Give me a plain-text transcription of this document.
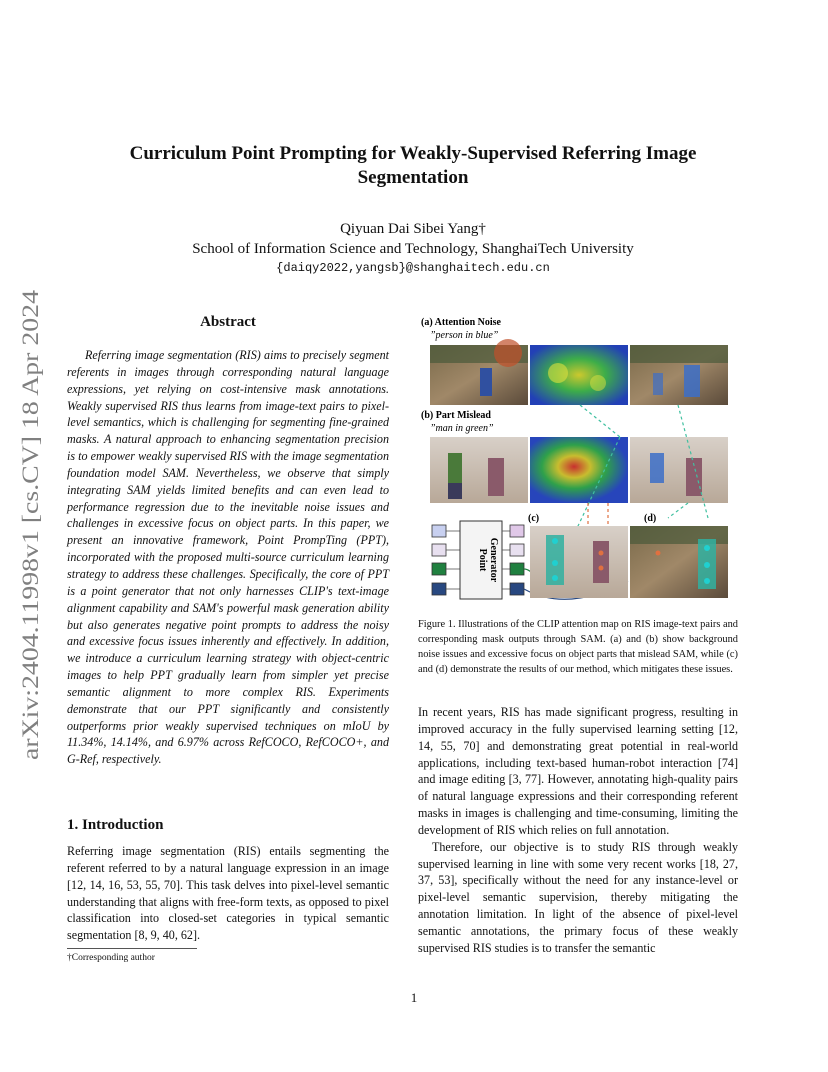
arXiv:2404.11998v1 [cs.CV] 18 Apr 2024
Curriculum Point Prompting for Weakly-Supervised Referring Image
Segmentation
Qiyuan Dai Sibei Yang†
School of Information Science and Technology, ShanghaiTech University
{daiqy2022,yangsb}@shanghaitech.edu.cn
Abstract

Referring image segmentation (RIS) aims to precisely segment referents in images through corresponding natural language expressions, yet relying on cost-intensive mask annotations. Weakly supervised RIS thus learns from image-text pairs to pixel-level semantics, which is challenging for segmenting fine-grained masks. A natural approach to enhancing segmentation precision is to empower weakly supervised RIS with the image segmentation foundation model SAM. Nevertheless, we observe that simply integrating SAM yields limited benefits and can even lead to performance regression due to the inevitable noise issues and challenges in excessive focus on object parts. In this paper, we present an innovative framework, Point PrompTing (PPT), incorporated with the proposed multi-source curriculum learning strategy to address these challenges. Specifically, the core of PPT is a point generator that not only harnesses CLIP's text-image alignment capability and SAM's powerful mask generation ability but also generates negative point prompts to address the noisy and excessive focus issues inherently and effectively. In addition, we introduce a curriculum learning strategy with object-centric images to help PPT gradually learn from simpler yet precise semantic alignment to more complex RIS. Experiments demonstrate that our PPT significantly and consistently outperforms prior weakly supervised techniques on mIoU by 11.34%, 14.14%, and 6.97% across RefCOCO, RefCOCO+, and G-Ref, respectively.

1. Introduction

Referring image segmentation (RIS) entails segmenting the referent referred to by a natural language expression in an image [12, 14, 16, 53, 55, 70]. This task delves into pixel-level semantic understanding that aligns with free-form texts, as opposed to pixel classification into closed-set categories in typical semantic segmentation [8, 9, 40, 62].

†Corresponding author
(a) Attention Noise
”person in blue”
(b) Part Mislead
”man in green”
Point Generator
(c)	(d)
Figure 1. Illustrations of the CLIP attention map on RIS image-text pairs and corresponding mask outputs through SAM. (a) and (b) show background noise issues and excessive focus on object parts that mislead SAM, while (c) and (d) demonstrate the results of our method, which mitigates these issues.

In recent years, RIS has made significant progress, resulting in improved accuracy in the fully supervised learning setting [12, 14, 55, 70] and demonstrating great potential in real-world applications, including text-based human-robot interaction [74] and image editing [3, 77]. However, annotating high-quality pairs of natural language expressions and their corresponding referent masks in images is challenging and time-consuming, limiting the development of RIS which relies on full annotation.

Therefore, our objective is to study RIS through weakly supervised learning in line with some very recent works [18, 27, 37, 53], specifically without the need for any instance-level or pixel-level semantic supervision, thereby mitigating the annotation limitation. In light of the absence of pixel-level semantic annotations, the primary focus of these weakly supervised RIS studies is to transfer the semantic

1
